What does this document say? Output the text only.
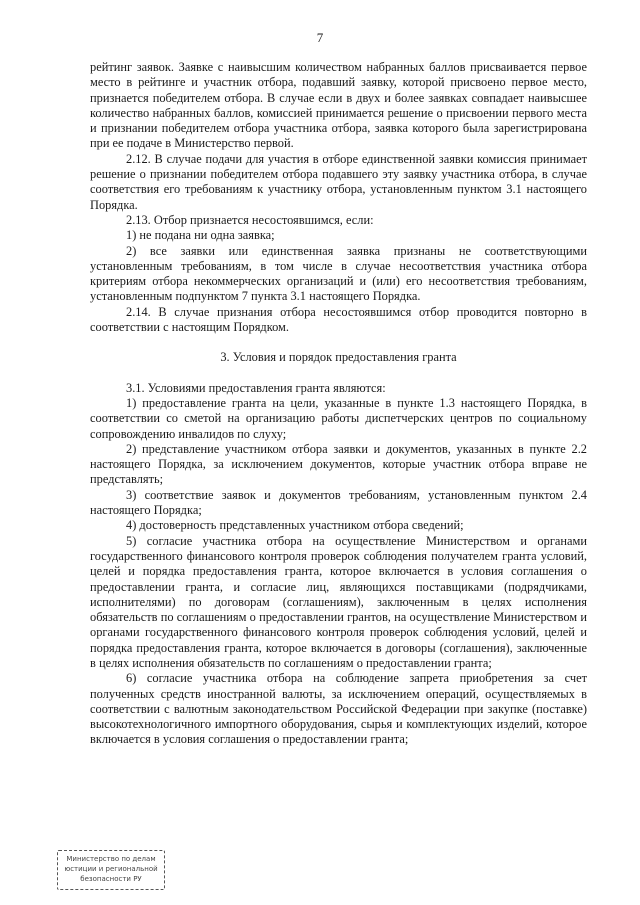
7

рейтинг заявок. Заявке с наивысшим количеством набранных баллов присваивается первое место в рейтинге и участник отбора, подавший заявку, которой присвоено первое место, признается победителем отбора. В случае если в двух и более заявках совпадает наивысшее количество набранных баллов, комиссией принимается решение о присвоении первого места и признании победителем отбора участника отбора, заявка которого была зарегистрирована при ее подаче в Министерство первой.

2.12. В случае подачи для участия в отборе единственной заявки комиссия принимает решение о признании победителем отбора подавшего эту заявку участника отбора, в случае соответствия его требованиям к участнику отбора, установленным пунктом 3.1 настоящего Порядка.

2.13. Отбор признается несостоявшимся, если:

1) не подана ни одна заявка;

2) все заявки или единственная заявка признаны не соответствующими установленным требованиям, в том числе в случае несоответствия участника отбора критериям отбора некоммерческих организаций и (или) его несоответствия требованиям, установленным подпунктом 7 пункта 3.1 настоящего Порядка.

2.14. В случае признания отбора несостоявшимся отбор проводится повторно в соответствии с настоящим Порядком.

3. Условия и порядок предоставления гранта

3.1. Условиями предоставления гранта являются:

1) предоставление гранта на цели, указанные в пункте 1.3 настоящего Порядка, в соответствии со сметой на организацию работы диспетчерских центров по социальному сопровождению инвалидов по слуху;

2) представление участником отбора заявки и документов, указанных в пункте 2.2 настоящего Порядка, за исключением документов, которые участник отбора вправе не представлять;

3) соответствие заявок и документов требованиям, установленным пунктом 2.4 настоящего Порядка;

4) достоверность представленных участником отбора сведений;

5) согласие участника отбора на осуществление Министерством и органами государственного финансового контроля проверок соблюдения получателем гранта условий, целей и порядка предоставления гранта, которое включается в условия соглашения о предоставлении гранта, и согласие лиц, являющихся поставщиками (подрядчиками, исполнителями) по договорам (соглашениям), заключенным в целях исполнения обязательств по соглашениям о предоставлении грантов, на осуществление Министерством и органами государственного финансового контроля проверок соблюдения условий, целей и порядка предоставления гранта, которое включается в договоры (соглашения), заключенные в целях исполнения обязательств по соглашениям о предоставлении гранта;

6) согласие участника отбора на соблюдение запрета приобретения за счет полученных средств иностранной валюты, за исключением операций, осуществляемых в соответствии с валютным законодательством Российской Федерации при закупке (поставке) высокотехнологичного импортного оборудования, сырья и комплектующих изделий, которое включается в условия соглашения о предоставлении гранта;

Министерство по делам
юстиции и региональной
безопасности РУ
